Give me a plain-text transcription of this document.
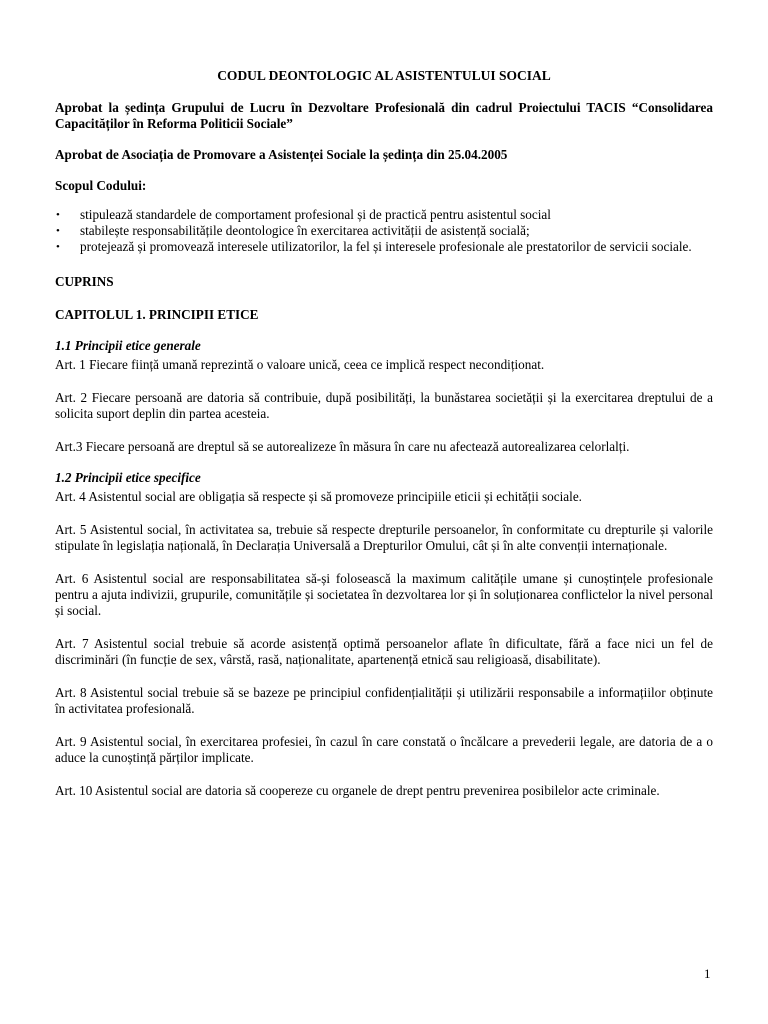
CODUL DEONTOLOGIC AL ASISTENTULUI SOCIAL
Aprobat la ședința Grupului de Lucru în Dezvoltare Profesională din cadrul Proiectului TACIS “Consolidarea Capacităților în Reforma Politicii Sociale”
Aprobat de Asociația de Promovare a Asistenței Sociale la ședința din 25.04.2005
Scopul Codului:
• stipulează standardele de comportament profesional și de practică pentru asistentul social
• stabilește responsabilitățile deontologice în exercitarea activității de asistență socială;
• protejează și promovează interesele utilizatorilor, la fel și interesele profesionale ale prestatorilor de servicii sociale.
CUPRINS
CAPITOLUL 1. PRINCIPII ETICE
1.1 Principii etice generale
Art. 1 Fiecare ființă umană reprezintă o valoare unică, ceea ce implică respect necondiționat.
Art. 2 Fiecare persoană are datoria să contribuie, după posibilități, la bunăstarea societății și la exercitarea dreptului de a solicita suport deplin din partea acesteia.
Art.3 Fiecare persoană are dreptul să se autorealizeze în măsura în care nu afectează autorealizarea celorlalți.
1.2 Principii etice specifice
Art. 4 Asistentul social are obligația să respecte și să promoveze principiile eticii și echității sociale.
Art. 5 Asistentul social, în activitatea sa, trebuie să respecte drepturile persoanelor, în conformitate cu drepturile și valorile stipulate în legislația națională, în Declarația Universală a Drepturilor Omului, cât și în alte convenții internaționale.
Art. 6 Asistentul social are responsabilitatea să-și folosească la maximum calitățile umane și cunoștințele profesionale pentru a ajuta indivizii, grupurile, comunitățile și societatea în dezvoltarea lor și în soluționarea conflictelor la nivel personal și social.
Art. 7 Asistentul social trebuie să acorde asistență optimă persoanelor aflate în dificultate, fără a face nici un fel de discriminări (în funcție de sex, vârstă, rasă, naționalitate, apartenență etnică sau religioasă, disabilitate).
Art. 8 Asistentul social trebuie să se bazeze pe principiul confidențialității și utilizării responsabile a informațiilor obținute în activitatea profesională.
Art. 9 Asistentul social, în exercitarea profesiei, în cazul în care constată o încălcare a prevederii legale, are datoria de a o aduce la cunoștință părților implicate.
Art. 10 Asistentul social are datoria să coopereze cu organele de drept pentru prevenirea posibilelor acte criminale.
1
